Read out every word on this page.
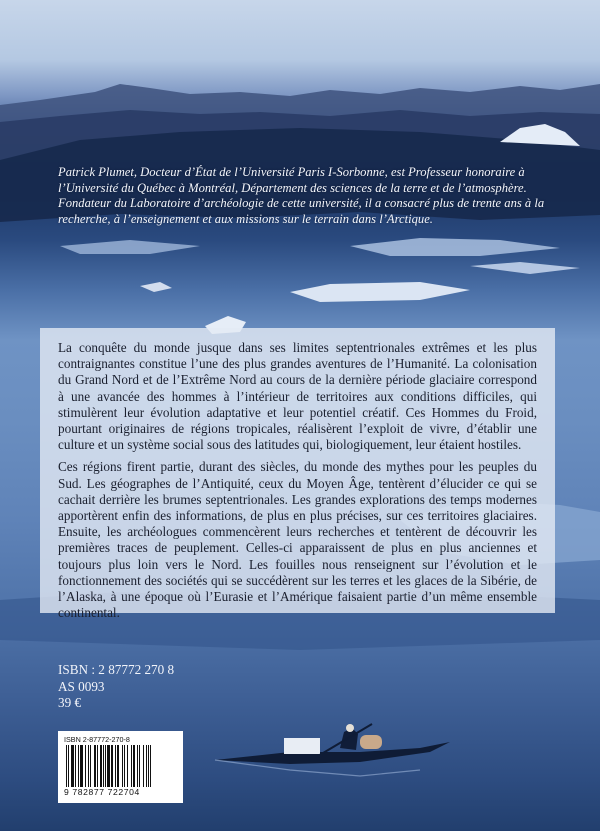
Patrick Plumet, Docteur d’État de l’Université Paris I-Sorbonne, est Professeur honoraire à l’Université du Québec à Montréal, Département des sciences de la terre et de l’atmosphère. Fondateur du Laboratoire d’archéologie de cette université, il a consacré plus de trente ans à la recherche, à l’enseignement et aux missions sur le terrain dans l’Arctique.

La conquête du monde jusque dans ses limites septentrionales extrêmes et les plus contraignantes constitue l’une des plus grandes aventures de l’Humanité. La colonisation du Grand Nord et de l’Extrême Nord au cours de la dernière période glaciaire correspond à une avancée des hommes à l’intérieur de territoires aux conditions difficiles, qui stimulèrent leur évolution adaptative et leur potentiel créatif. Ces Hommes du Froid, pourtant originaires de régions tropicales, réalisèrent l’exploit de vivre, d’établir une culture et un système social sous des latitudes qui, biologiquement, leur étaient hostiles.

Ces régions firent partie, durant des siècles, du monde des mythes pour les peuples du Sud. Les géographes de l’Antiquité, ceux du Moyen Âge, tentèrent d’élucider ce qui se cachait derrière les brumes septentrionales. Les grandes explorations des temps modernes apportèrent enfin des informations, de plus en plus précises, sur ces territoires glaciaires. Ensuite, les archéologues commencèrent leurs recherches et tentèrent de découvrir les premières traces de peuplement. Celles-ci apparaissent de plus en plus anciennes et toujours plus loin vers le Nord. Les fouilles nous renseignent sur l’évolution et le fonctionnement des sociétés qui se succédèrent sur les terres et les glaces de la Sibérie, de l’Alaska, à une époque où l’Eurasie et l’Amérique faisaient partie d’un même ensemble continental.

ISBN : 2 87772 270 8
AS 0093
39 €
ISBN 2-87772-270-8
9 782877 722704
